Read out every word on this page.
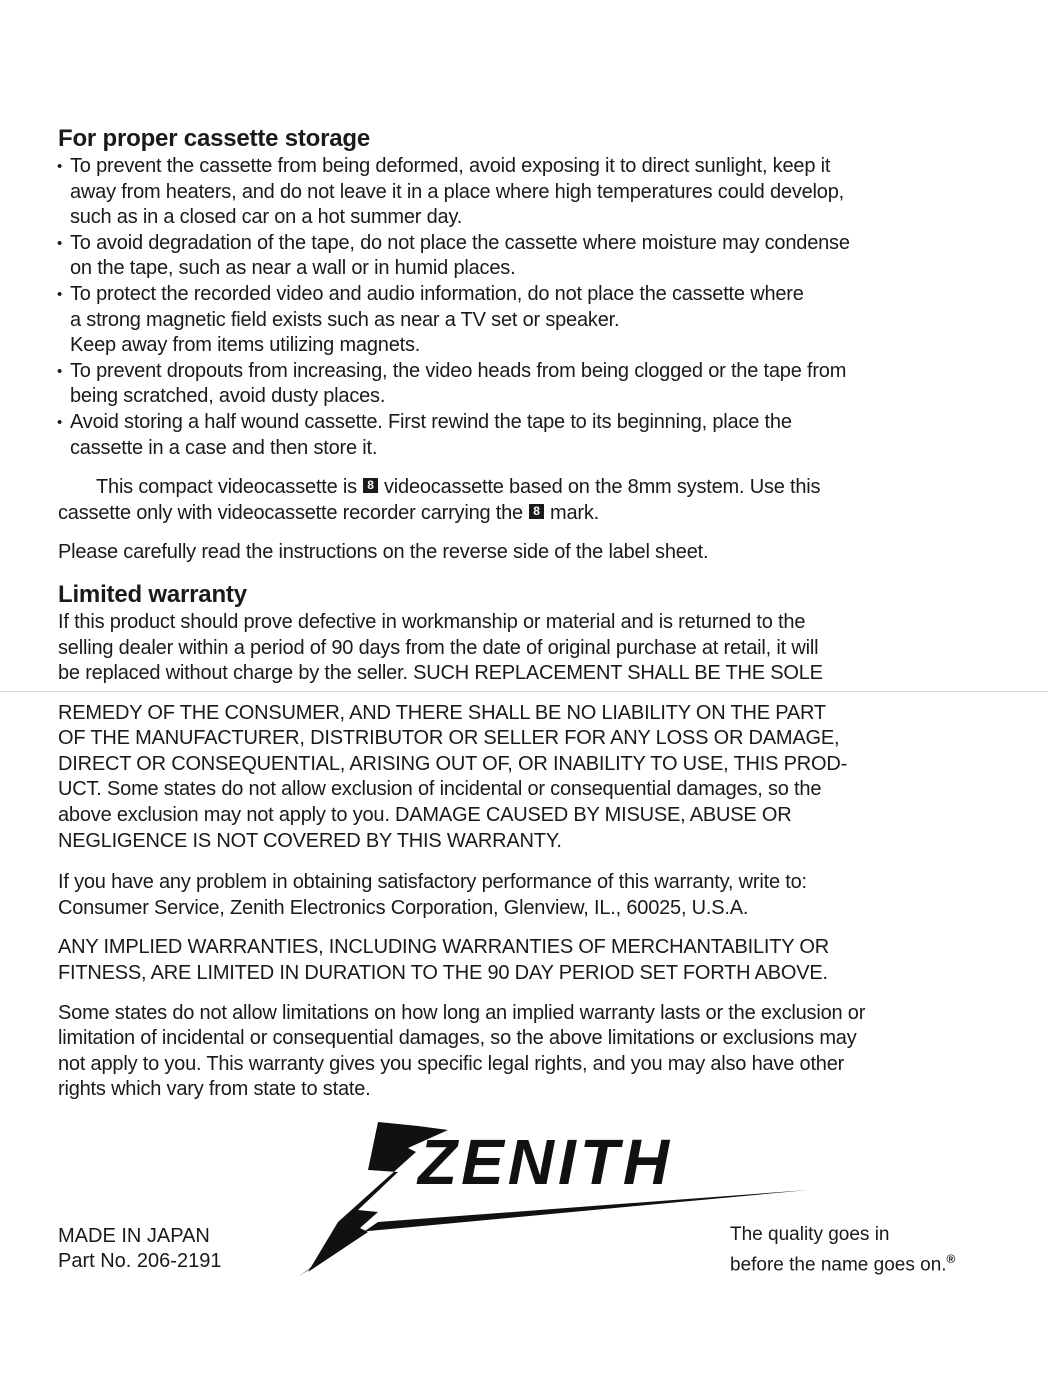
For proper cassette storage
• To prevent the cassette from being deformed, avoid exposing it to direct sunlight, keep it
away from heaters, and do not leave it in a place where high temperatures could develop,
such as in a closed car on a hot summer day.
• To avoid degradation of the tape, do not place the cassette where moisture may condense
on the tape, such as near a wall or in humid places.
• To protect the recorded video and audio information, do not place the cassette where
a strong magnetic field exists such as near a TV set or speaker.
Keep away from items utilizing magnets.
• To prevent dropouts from increasing, the video heads from being clogged or the tape from
being scratched, avoid dusty places.
• Avoid storing a half wound cassette. First rewind the tape to its beginning, place the
cassette in a case and then store it.

This compact videocassette is 8 videocassette based on the 8mm system. Use this
cassette only with videocassette recorder carrying the 8 mark.

Please carefully read the instructions on the reverse side of the label sheet.

Limited warranty

If this product should prove defective in workmanship or material and is returned to the
selling dealer within a period of 90 days from the date of original purchase at retail, it will
be replaced without charge by the seller. SUCH REPLACEMENT SHALL BE THE SOLE

REMEDY OF THE CONSUMER, AND THERE SHALL BE NO LIABILITY ON THE PART
OF THE MANUFACTURER, DISTRIBUTOR OR SELLER FOR ANY LOSS OR DAMAGE,
DIRECT OR CONSEQUENTIAL, ARISING OUT OF, OR INABILITY TO USE, THIS PROD-
UCT. Some states do not allow exclusion of incidental or consequential damages, so the
above exclusion may not apply to you. DAMAGE CAUSED BY MISUSE, ABUSE OR
NEGLIGENCE IS NOT COVERED BY THIS WARRANTY.

If you have any problem in obtaining satisfactory performance of this warranty, write to:
Consumer Service, Zenith Electronics Corporation, Glenview, IL., 60025, U.S.A.

ANY IMPLIED WARRANTIES, INCLUDING WARRANTIES OF MERCHANTABILITY OR
FITNESS, ARE LIMITED IN DURATION TO THE 90 DAY PERIOD SET FORTH ABOVE.

Some states do not allow limitations on how long an implied warranty lasts or the exclusion or
limitation of incidental or consequential damages, so the above limitations or exclusions may
not apply to you. This warranty gives you specific legal rights, and you may also have other
rights which vary from state to state.

ZENITH
MADE IN JAPAN
Part No. 206-2191
The quality goes in
before the name goes on.®
